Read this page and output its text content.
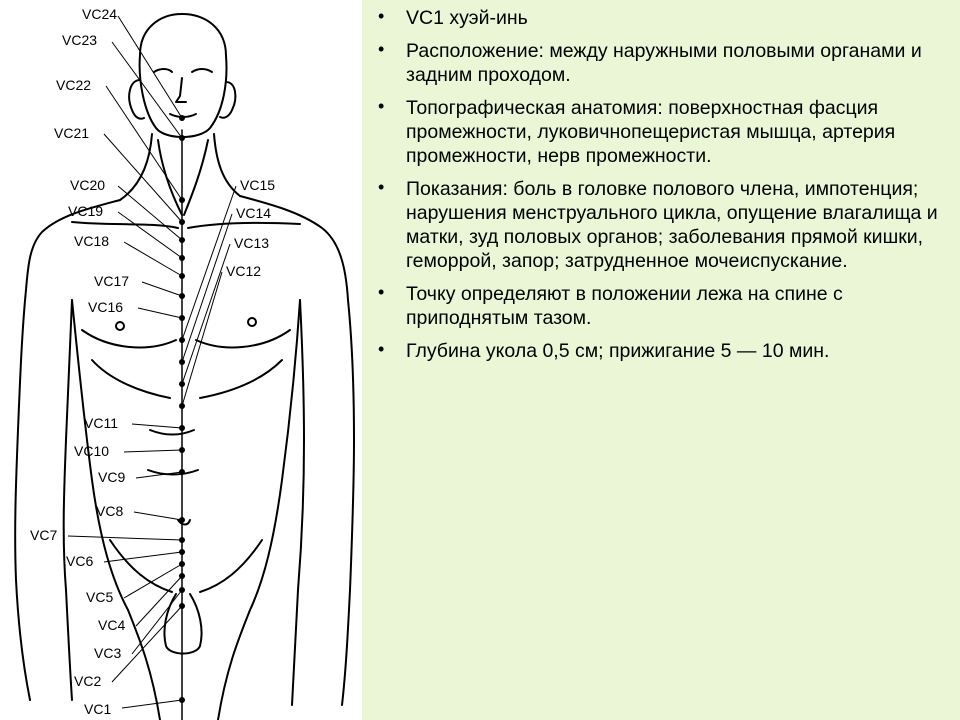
VC24
VC23
VC22
VC21
VC20
VC19
VC18
VC17
VC16
VC15
VC14
VC13
VC12
VC11
VC10
VC9
VC8
VC7
VC6
VC5
VC4
VC3
VC2
VC1
• VC1 хуэй-инь
• Расположение: между наружными половыми органами и задним проходом.
• Топографическая анатомия: поверхностная фасция промежности, луковичнопещеристая мышца, артерия промежности, нерв промежности.
• Показания: боль в головке полового члена, импотенция; нарушения менструального цикла, опущение влагалища и матки, зуд половых органов; заболевания прямой кишки, геморрой, запор; затрудненное мочеиспускание.
• Точку определяют в положении лежа на спине с приподнятым тазом.
• Глубина укола 0,5 см; прижигание 5 — 10 мин.
